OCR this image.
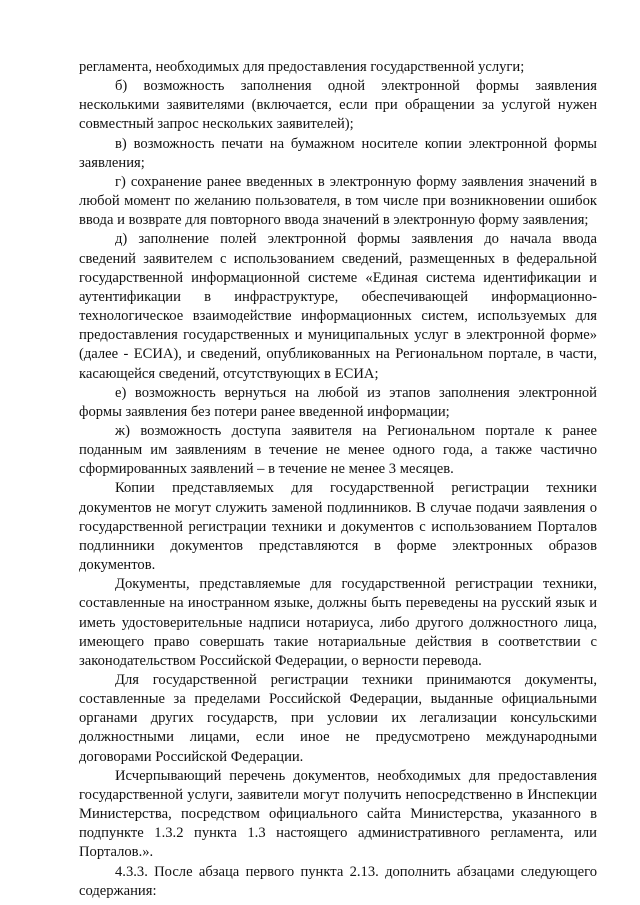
регламента, необходимых для предоставления государственной услуги;

б) возможность заполнения одной электронной формы заявления несколькими заявителями (включается, если при обращении за услугой нужен совместный запрос нескольких заявителей);

в) возможность печати на бумажном носителе копии электронной формы заявления;

г) сохранение ранее введенных в электронную форму заявления значений в любой момент по желанию пользователя, в том числе при возникновении ошибок ввода и возврате для повторного ввода значений в электронную форму заявления;

д) заполнение полей электронной формы заявления до начала ввода сведений заявителем с использованием сведений, размещенных в федеральной государственной информационной системе «Единая система идентификации и аутентификации в инфраструктуре, обеспечивающей информационно-технологическое взаимодействие информационных систем, используемых для предоставления государственных и муниципальных услуг в электронной форме» (далее - ЕСИА), и сведений, опубликованных на Региональном портале, в части, касающейся сведений, отсутствующих в ЕСИА;

е) возможность вернуться на любой из этапов заполнения электронной формы заявления без потери ранее введенной информации;

ж) возможность доступа заявителя на Региональном портале к ранее поданным им заявлениям в течение не менее одного года, а также частично сформированных заявлений – в течение не менее 3 месяцев.

Копии представляемых для государственной регистрации техники документов не могут служить заменой подлинников. В случае подачи заявления о государственной регистрации техники и документов с использованием Порталов подлинники документов представляются в форме электронных образов документов.

Документы, представляемые для государственной регистрации техники, составленные на иностранном языке, должны быть переведены на русский язык и иметь удостоверительные надписи нотариуса, либо другого должностного лица, имеющего право совершать такие нотариальные действия в соответствии с законодательством Российской Федерации, о верности перевода.

Для государственной регистрации техники принимаются документы, составленные за пределами Российской Федерации, выданные официальными органами других государств, при условии их легализации консульскими должностными лицами, если иное не предусмотрено международными договорами Российской Федерации.

Исчерпывающий перечень документов, необходимых для предоставления государственной услуги, заявители могут получить непосредственно в Инспекции Министерства, посредством официального сайта Министерства, указанного в подпункте 1.3.2 пункта 1.3 настоящего административного регламента, или Порталов.».

4.3.3. После абзаца первого пункта 2.13. дополнить абзацами следующего содержания:
